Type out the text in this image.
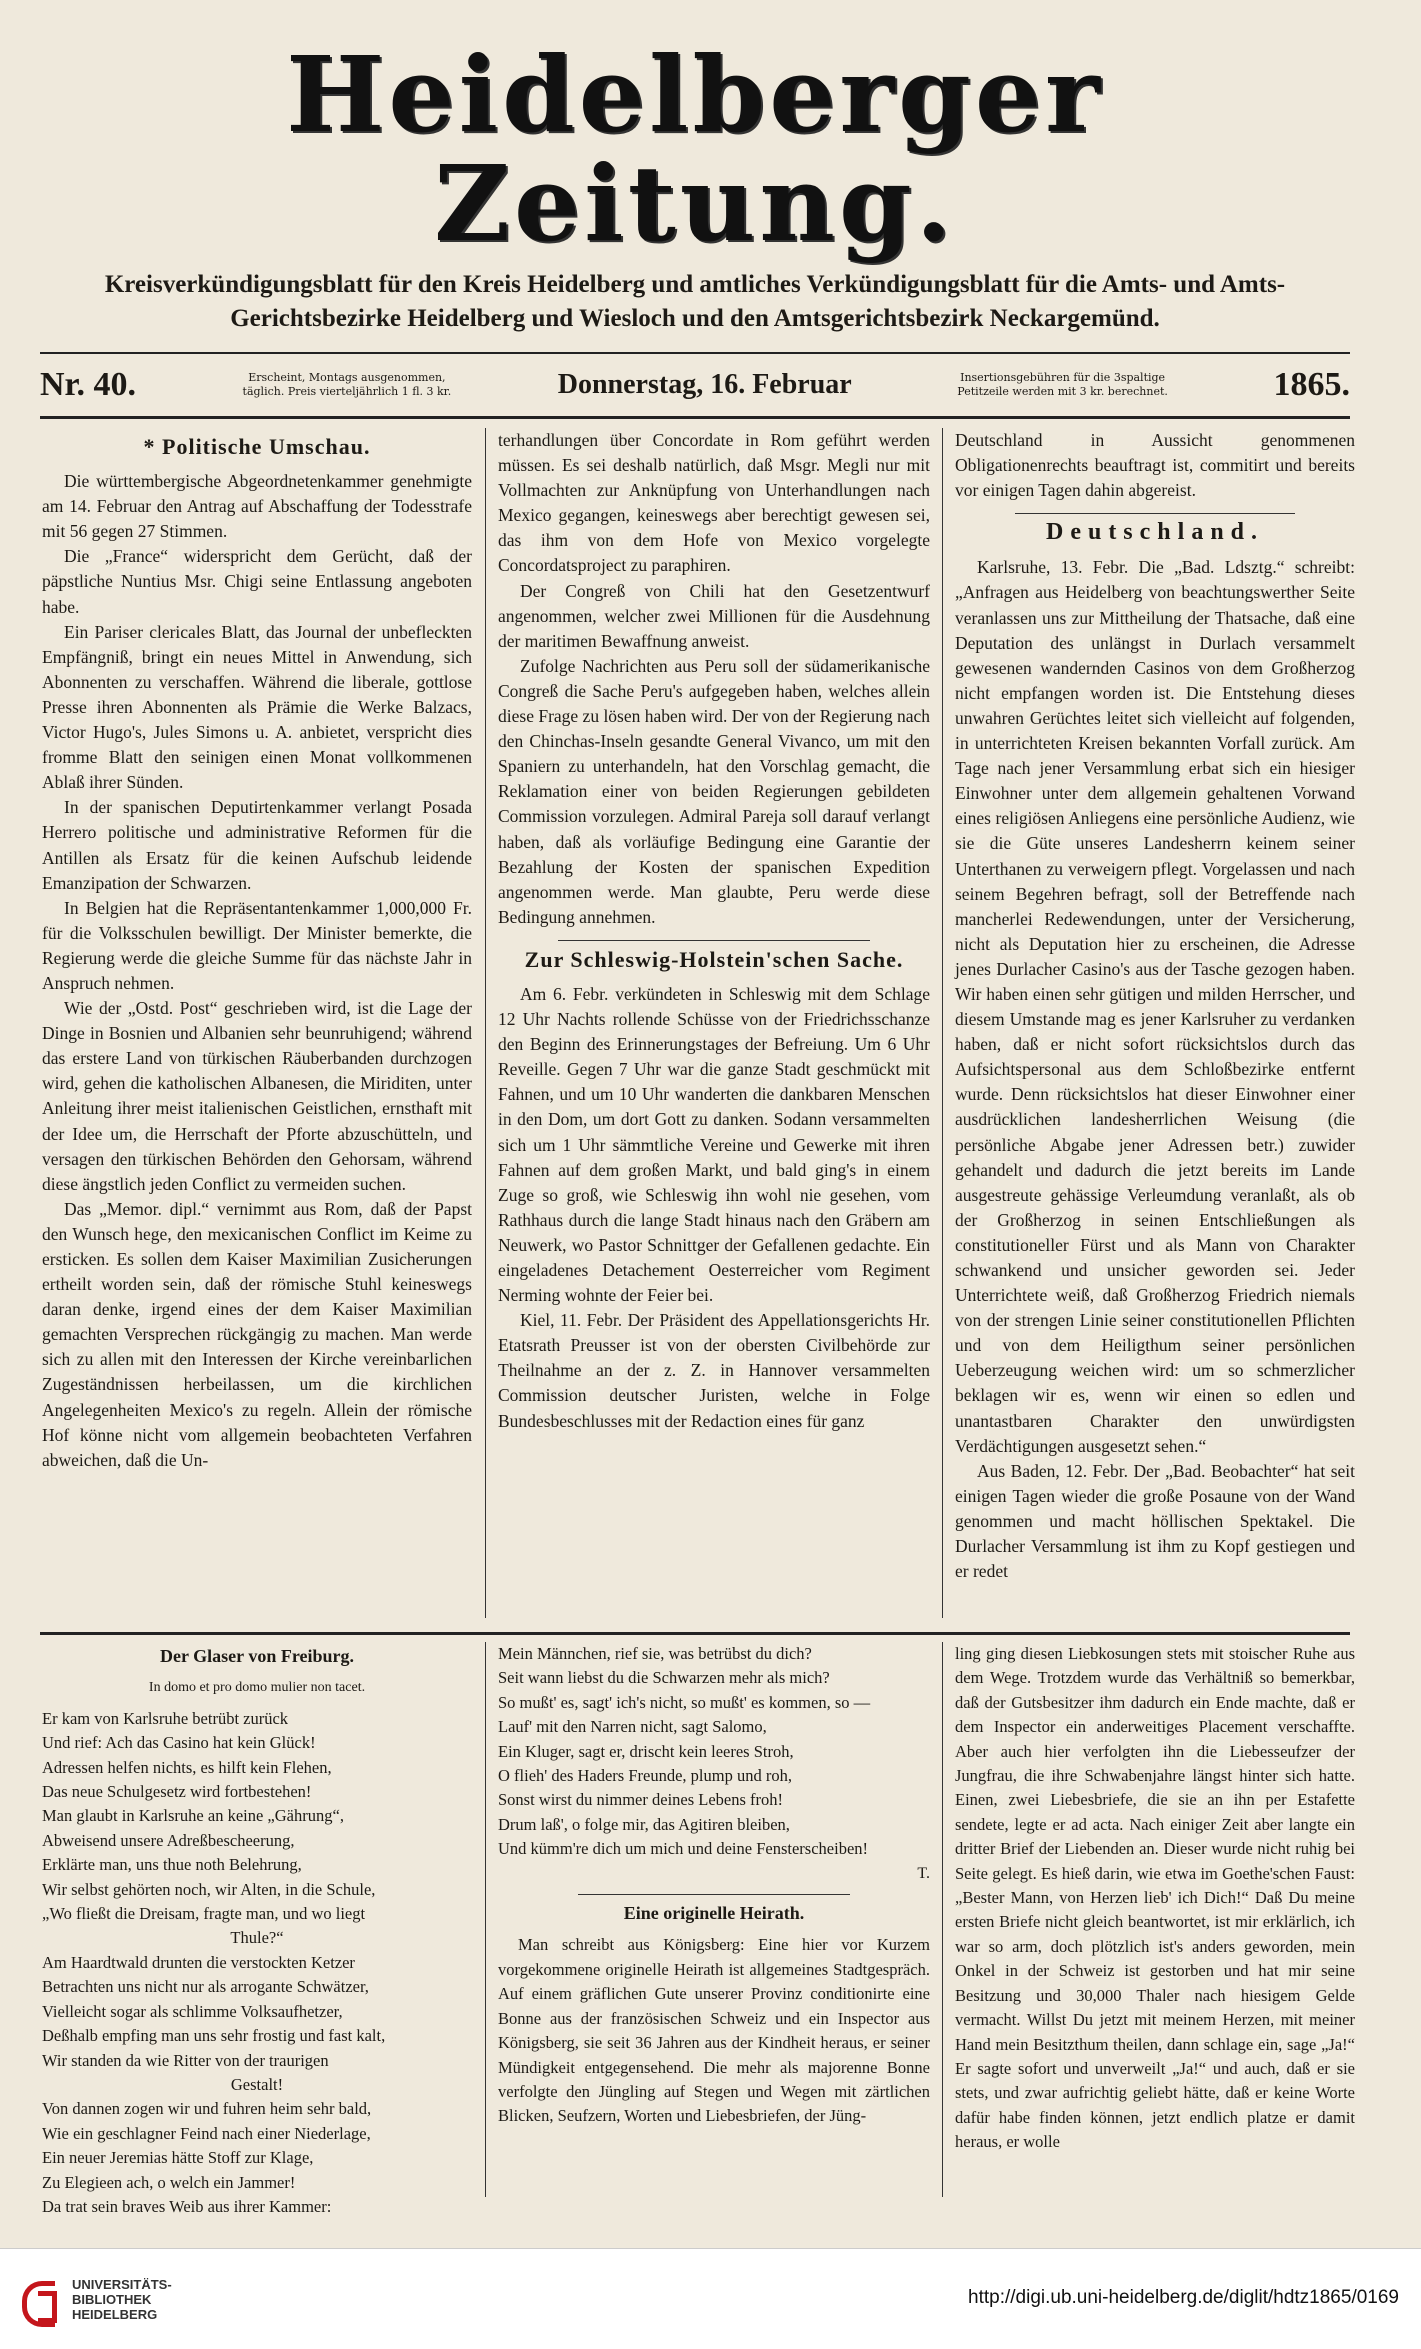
Heidelberger Zeitung.
Kreisverkündigungsblatt für den Kreis Heidelberg und amtliches Verkündigungsblatt für die Amts- und Amts-Gerichtsbezirke Heidelberg und Wiesloch und den Amtsgerichtsbezirk Neckargemünd.
Nr. 40.	Erscheint, Montags ausgenommen, täglich. Preis vierteljährlich 1 fl. 3 kr.	Donnerstag, 16. Februar	Insertionsgebühren für die 3spaltige Petitzeile werden mit 3 kr. berechnet.	1865.
* Politische Umschau.

Die württembergische Abgeordnetenkammer genehmigte am 14. Februar den Antrag auf Abschaffung der Todesstrafe mit 56 gegen 27 Stimmen.

Die „France“ widerspricht dem Gerücht, daß der päpstliche Nuntius Msr. Chigi seine Entlassung angeboten habe.

Ein Pariser clericales Blatt, das Journal der unbefleckten Empfängniß, bringt ein neues Mittel in Anwendung, sich Abonnenten zu verschaffen. Während die liberale, gottlose Presse ihren Abonnenten als Prämie die Werke Balzacs, Victor Hugo's, Jules Simons u. A. anbietet, verspricht dies fromme Blatt den seinigen einen Monat vollkommenen Ablaß ihrer Sünden.

In der spanischen Deputirtenkammer verlangt Posada Herrero politische und administrative Reformen für die Antillen als Ersatz für die keinen Aufschub leidende Emanzipation der Schwarzen.

In Belgien hat die Repräsentantenkammer 1,000,000 Fr. für die Volksschulen bewilligt. Der Minister bemerkte, die Regierung werde die gleiche Summe für das nächste Jahr in Anspruch nehmen.

Wie der „Ostd. Post“ geschrieben wird, ist die Lage der Dinge in Bosnien und Albanien sehr beunruhigend; während das erstere Land von türkischen Räuberbanden durchzogen wird, gehen die katholischen Albanesen, die Miriditen, unter Anleitung ihrer meist italienischen Geistlichen, ernsthaft mit der Idee um, die Herrschaft der Pforte abzuschütteln, und versagen den türkischen Behörden den Gehorsam, während diese ängstlich jeden Conflict zu vermeiden suchen.

Das „Memor. dipl.“ vernimmt aus Rom, daß der Papst den Wunsch hege, den mexicanischen Conflict im Keime zu ersticken. Es sollen dem Kaiser Maximilian Zusicherungen ertheilt worden sein, daß der römische Stuhl keineswegs daran denke, irgend eines der dem Kaiser Maximilian gemachten Versprechen rückgängig zu machen. Man werde sich zu allen mit den Interessen der Kirche vereinbarlichen Zugeständnissen herbeilassen, um die kirchlichen Angelegenheiten Mexico's zu regeln. Allein der römische Hof könne nicht vom allgemein beobachteten Verfahren abweichen, daß die Un-

terhandlungen über Concordate in Rom geführt werden müssen. Es sei deshalb natürlich, daß Msgr. Megli nur mit Vollmachten zur Anknüpfung von Unterhandlungen nach Mexico gegangen, keineswegs aber berechtigt gewesen sei, das ihm von dem Hofe von Mexico vorgelegte Concordatsproject zu paraphiren.

Der Congreß von Chili hat den Gesetzentwurf angenommen, welcher zwei Millionen für die Ausdehnung der maritimen Bewaffnung anweist.

Zufolge Nachrichten aus Peru soll der südamerikanische Congreß die Sache Peru's aufgegeben haben, welches allein diese Frage zu lösen haben wird. Der von der Regierung nach den Chinchas-Inseln gesandte General Vivanco, um mit den Spaniern zu unterhandeln, hat den Vorschlag gemacht, die Reklamation einer von beiden Regierungen gebildeten Commission vorzulegen. Admiral Pareja soll darauf verlangt haben, daß als vorläufige Bedingung eine Garantie der Bezahlung der Kosten der spanischen Expedition angenommen werde. Man glaubte, Peru werde diese Bedingung annehmen.

Zur Schleswig-Holstein'schen Sache.

Am 6. Febr. verkündeten in Schleswig mit dem Schlage 12 Uhr Nachts rollende Schüsse von der Friedrichsschanze den Beginn des Erinnerungstages der Befreiung. Um 6 Uhr Reveille. Gegen 7 Uhr war die ganze Stadt geschmückt mit Fahnen, und um 10 Uhr wanderten die dankbaren Menschen in den Dom, um dort Gott zu danken. Sodann versammelten sich um 1 Uhr sämmtliche Vereine und Gewerke mit ihren Fahnen auf dem großen Markt, und bald ging's in einem Zuge so groß, wie Schleswig ihn wohl nie gesehen, vom Rathhaus durch die lange Stadt hinaus nach den Gräbern am Neuwerk, wo Pastor Schnittger der Gefallenen gedachte. Ein eingeladenes Detachement Oesterreicher vom Regiment Nerming wohnte der Feier bei.

Kiel, 11. Febr. Der Präsident des Appellationsgerichts Hr. Etatsrath Preusser ist von der obersten Civilbehörde zur Theilnahme an der z. Z. in Hannover versammelten Commission deutscher Juristen, welche in Folge Bundesbeschlusses mit der Redaction eines für ganz

Deutschland in Aussicht genommenen Obligationenrechts beauftragt ist, commitirt und bereits vor einigen Tagen dahin abgereist.

Deutschland.

Karlsruhe, 13. Febr. Die „Bad. Ldsztg.“ schreibt: „Anfragen aus Heidelberg von beachtungswerther Seite veranlassen uns zur Mittheilung der Thatsache, daß eine Deputation des unlängst in Durlach versammelt gewesenen wandernden Casinos von dem Großherzog nicht empfangen worden ist. Die Entstehung dieses unwahren Gerüchtes leitet sich vielleicht auf folgenden, in unterrichteten Kreisen bekannten Vorfall zurück. Am Tage nach jener Versammlung erbat sich ein hiesiger Einwohner unter dem allgemein gehaltenen Vorwand eines religiösen Anliegens eine persönliche Audienz, wie sie die Güte unseres Landesherrn keinem seiner Unterthanen zu verweigern pflegt. Vorgelassen und nach seinem Begehren befragt, soll der Betreffende nach mancherlei Redewendungen, unter der Versicherung, nicht als Deputation hier zu erscheinen, die Adresse jenes Durlacher Casino's aus der Tasche gezogen haben. Wir haben einen sehr gütigen und milden Herrscher, und diesem Umstande mag es jener Karlsruher zu verdanken haben, daß er nicht sofort rücksichtslos durch das Aufsichtspersonal aus dem Schloßbezirke entfernt wurde. Denn rücksichtslos hat dieser Einwohner einer ausdrücklichen landesherrlichen Weisung (die persönliche Abgabe jener Adressen betr.) zuwider gehandelt und dadurch die jetzt bereits im Lande ausgestreute gehässige Verleumdung veranlaßt, als ob der Großherzog in seinen Entschließungen als constitutioneller Fürst und als Mann von Charakter schwankend und unsicher geworden sei. Jeder Unterrichtete weiß, daß Großherzog Friedrich niemals von der strengen Linie seiner constitutionellen Pflichten und von dem Heiligthum seiner persönlichen Ueberzeugung weichen wird: um so schmerzlicher beklagen wir es, wenn wir einen so edlen und unantastbaren Charakter den unwürdigsten Verdächtigungen ausgesetzt sehen.“

Aus Baden, 12. Febr. Der „Bad. Beobachter“ hat seit einigen Tagen wieder die große Posaune von der Wand genommen und macht höllischen Spektakel. Die Durlacher Versammlung ist ihm zu Kopf gestiegen und er redet

Der Glaser von Freiburg.
In domo et pro domo mulier non tacet.
Er kam von Karlsruhe betrübt zurück
Und rief: Ach das Casino hat kein Glück!
Adressen helfen nichts, es hilft kein Flehen,
Das neue Schulgesetz wird fortbestehen!
Man glaubt in Karlsruhe an keine „Gährung“,
Abweisend unsere Adreßbescheerung,
Erklärte man, uns thue noth Belehrung,
Wir selbst gehörten noch, wir Alten, in die Schule,
„Wo fließt die Dreisam, fragte man, und wo liegt
Thule?“
Am Haardtwald drunten die verstockten Ketzer
Betrachten uns nicht nur als arrogante Schwätzer,
Vielleicht sogar als schlimme Volksaufhetzer,
Deßhalb empfing man uns sehr frostig und fast kalt,
Wir standen da wie Ritter von der traurigen
Gestalt!
Von dannen zogen wir und fuhren heim sehr bald,
Wie ein geschlagner Feind nach einer Niederlage,
Ein neuer Jeremias hätte Stoff zur Klage,
Zu Elegieen ach, o welch ein Jammer!
Da trat sein braves Weib aus ihrer Kammer:
Mein Männchen, rief sie, was betrübst du dich?
Seit wann liebst du die Schwarzen mehr als mich?
So mußt' es, sagt' ich's nicht, so mußt' es kommen, so —
Lauf' mit den Narren nicht, sagt Salomo,
Ein Kluger, sagt er, drischt kein leeres Stroh,
O flieh' des Haders Freunde, plump und roh,
Sonst wirst du nimmer deines Lebens froh!
Drum laß', o folge mir, das Agitiren bleiben,
Und kümm're dich um mich und deine Fensterscheiben!
T.
Eine originelle Heirath.

Man schreibt aus Königsberg: Eine hier vor Kurzem vorgekommene originelle Heirath ist allgemeines Stadtgespräch. Auf einem gräflichen Gute unserer Provinz conditionirte eine Bonne aus der französischen Schweiz und ein Inspector aus Königsberg, sie seit 36 Jahren aus der Kindheit heraus, er seiner Mündigkeit entgegensehend. Die mehr als majorenne Bonne verfolgte den Jüngling auf Stegen und Wegen mit zärtlichen Blicken, Seufzern, Worten und Liebesbriefen, der Jüng-

ling ging diesen Liebkosungen stets mit stoischer Ruhe aus dem Wege. Trotzdem wurde das Verhältniß so bemerkbar, daß der Gutsbesitzer ihm dadurch ein Ende machte, daß er dem Inspector ein anderweitiges Placement verschaffte. Aber auch hier verfolgten ihn die Liebesseufzer der Jungfrau, die ihre Schwabenjahre längst hinter sich hatte. Einen, zwei Liebesbriefe, die sie an ihn per Estafette sendete, legte er ad acta. Nach einiger Zeit aber langte ein dritter Brief der Liebenden an. Dieser wurde nicht ruhig bei Seite gelegt. Es hieß darin, wie etwa im Goethe'schen Faust: „Bester Mann, von Herzen lieb' ich Dich!“ Daß Du meine ersten Briefe nicht gleich beantwortet, ist mir erklärlich, ich war so arm, doch plötzlich ist's anders geworden, mein Onkel in der Schweiz ist gestorben und hat mir seine Besitzung und 30,000 Thaler nach hiesigem Gelde vermacht. Willst Du jetzt mit meinem Herzen, mit meiner Hand mein Besitzthum theilen, dann schlage ein, sage „Ja!“ Er sagte sofort und unverweilt „Ja!“ und auch, daß er sie stets, und zwar aufrichtig geliebt hätte, daß er keine Worte dafür habe finden können, jetzt endlich platze er damit heraus, er wolle

UNIVERSITÄTS-
BIBLIOTHEK
HEIDELBERG
http://digi.ub.uni-heidelberg.de/diglit/hdtz1865/0169
